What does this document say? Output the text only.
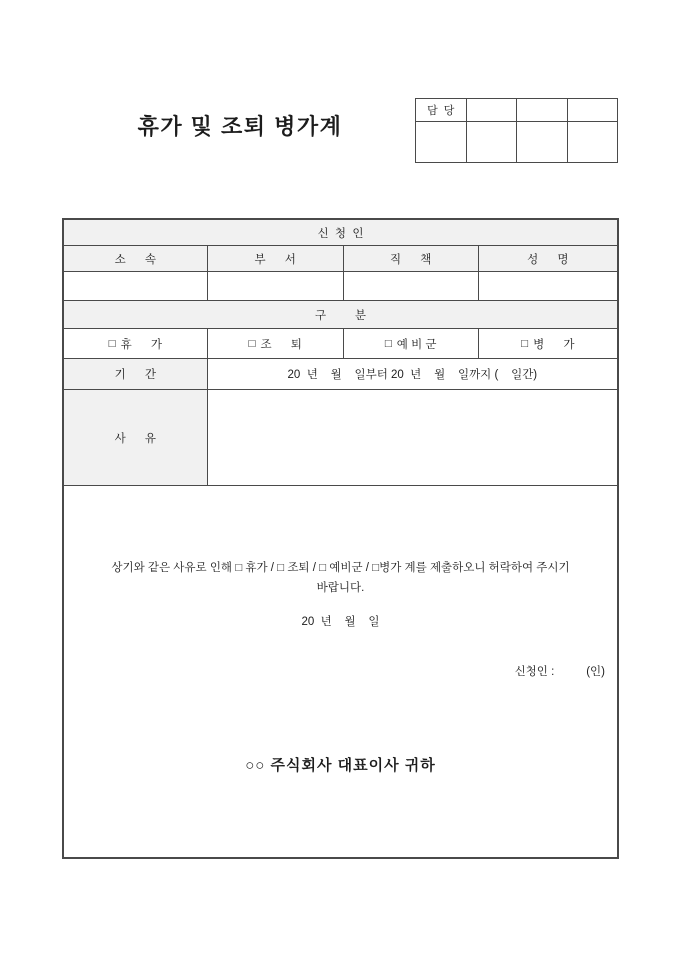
휴가 및 조퇴 병가계
담  당
신  청  인
소      속	부      서	직      책	성      명
구         분
□ 휴      가	□ 조      퇴	□ 예 비 군	□ 병      가
기      간	20  년    월    일부터 20  년    월    일까지 (    일간)
사      유
상기와 같은 사유로 인해 □ 휴가 / □ 조퇴 / □ 예비군 / □병가 계를 제출하오니 허락하여 주시기
바랍니다.
20  년    월    일
신청인 :          (인)
○○ 주식회사 대표이사 귀하
